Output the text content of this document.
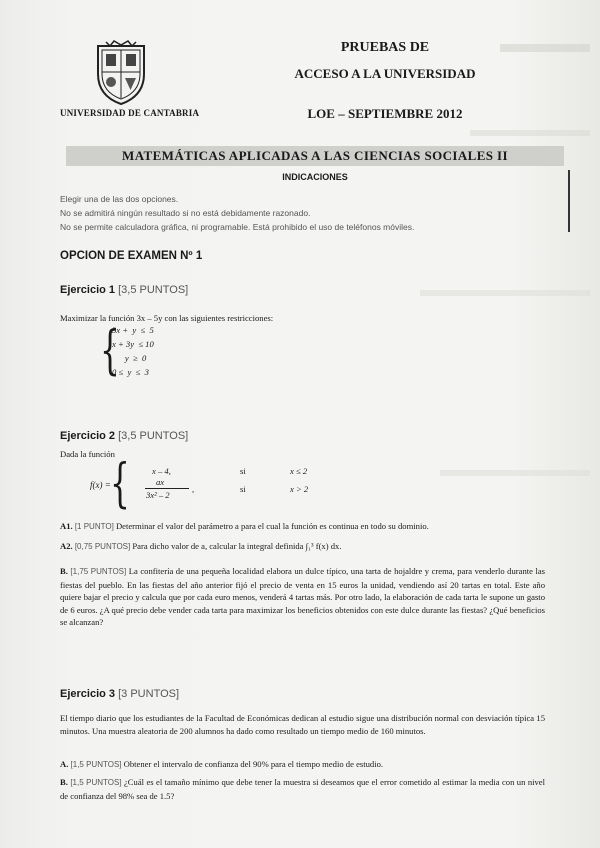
UNIVERSIDAD DE CANTABRIA
PRUEBAS DE
ACCESO A LA UNIVERSIDAD
LOE – SEPTIEMBRE 2012
MATEMÁTICAS APLICADAS A LAS CIENCIAS SOCIALES II
INDICACIONES
Elegir una de las dos opciones.
No se admitirá ningún resultado si no está debidamente razonado.
No se permite calculadora gráfica, ni programable. Está prohibido el uso de teléfonos móviles.
OPCION DE EXAMEN Nº 1
Ejercicio 1 [3,5 PUNTOS]
Maximizar la función 3x – 5y con las siguientes restricciones:
{
3x +  y  ≤  5
x + 3y  ≤ 10
y  ≥  0
0 ≤  y  ≤  3
Ejercicio 2 [3,5 PUNTOS]
Dada la función
f(x) = {	x – 4,	si	x ≤ 2
ax
3x² – 2
,	si	x > 2
A1. [1 PUNTO] Determinar el valor del parámetro a para el cual la función es continua en todo su dominio.
A2. [0,75 PUNTOS] Para dicho valor de a, calcular la integral definida ∫₁³ f(x) dx.
B. [1,75 PUNTOS] La confitería de una pequeña localidad elabora un dulce típico, una tarta de hojaldre y crema, para venderlo durante las fiestas del pueblo. En las fiestas del año anterior fijó el precio de venta en 15 euros la unidad, vendiendo así 20 tartas en total. Este año quiere bajar el precio y calcula que por cada euro menos, venderá 4 tartas más. Por otro lado, la elaboración de cada tarta le supone un gasto de 6 euros. ¿A qué precio debe vender cada tarta para maximizar los beneficios obtenidos con este dulce durante las fiestas? ¿Qué beneficios se alcanzan?
Ejercicio 3 [3 PUNTOS]
El tiempo diario que los estudiantes de la Facultad de Económicas dedican al estudio sigue una distribución normal con desviación típica 15 minutos. Una muestra aleatoria de 200 alumnos ha dado como resultado un tiempo medio de 160 minutos.
A. [1,5 PUNTOS] Obtener el intervalo de confianza del 90% para el tiempo medio de estudio.
B. [1,5 PUNTOS] ¿Cuál es el tamaño mínimo que debe tener la muestra si deseamos que el error cometido al estimar la media con un nivel de confianza del 98% sea de 1.5?
